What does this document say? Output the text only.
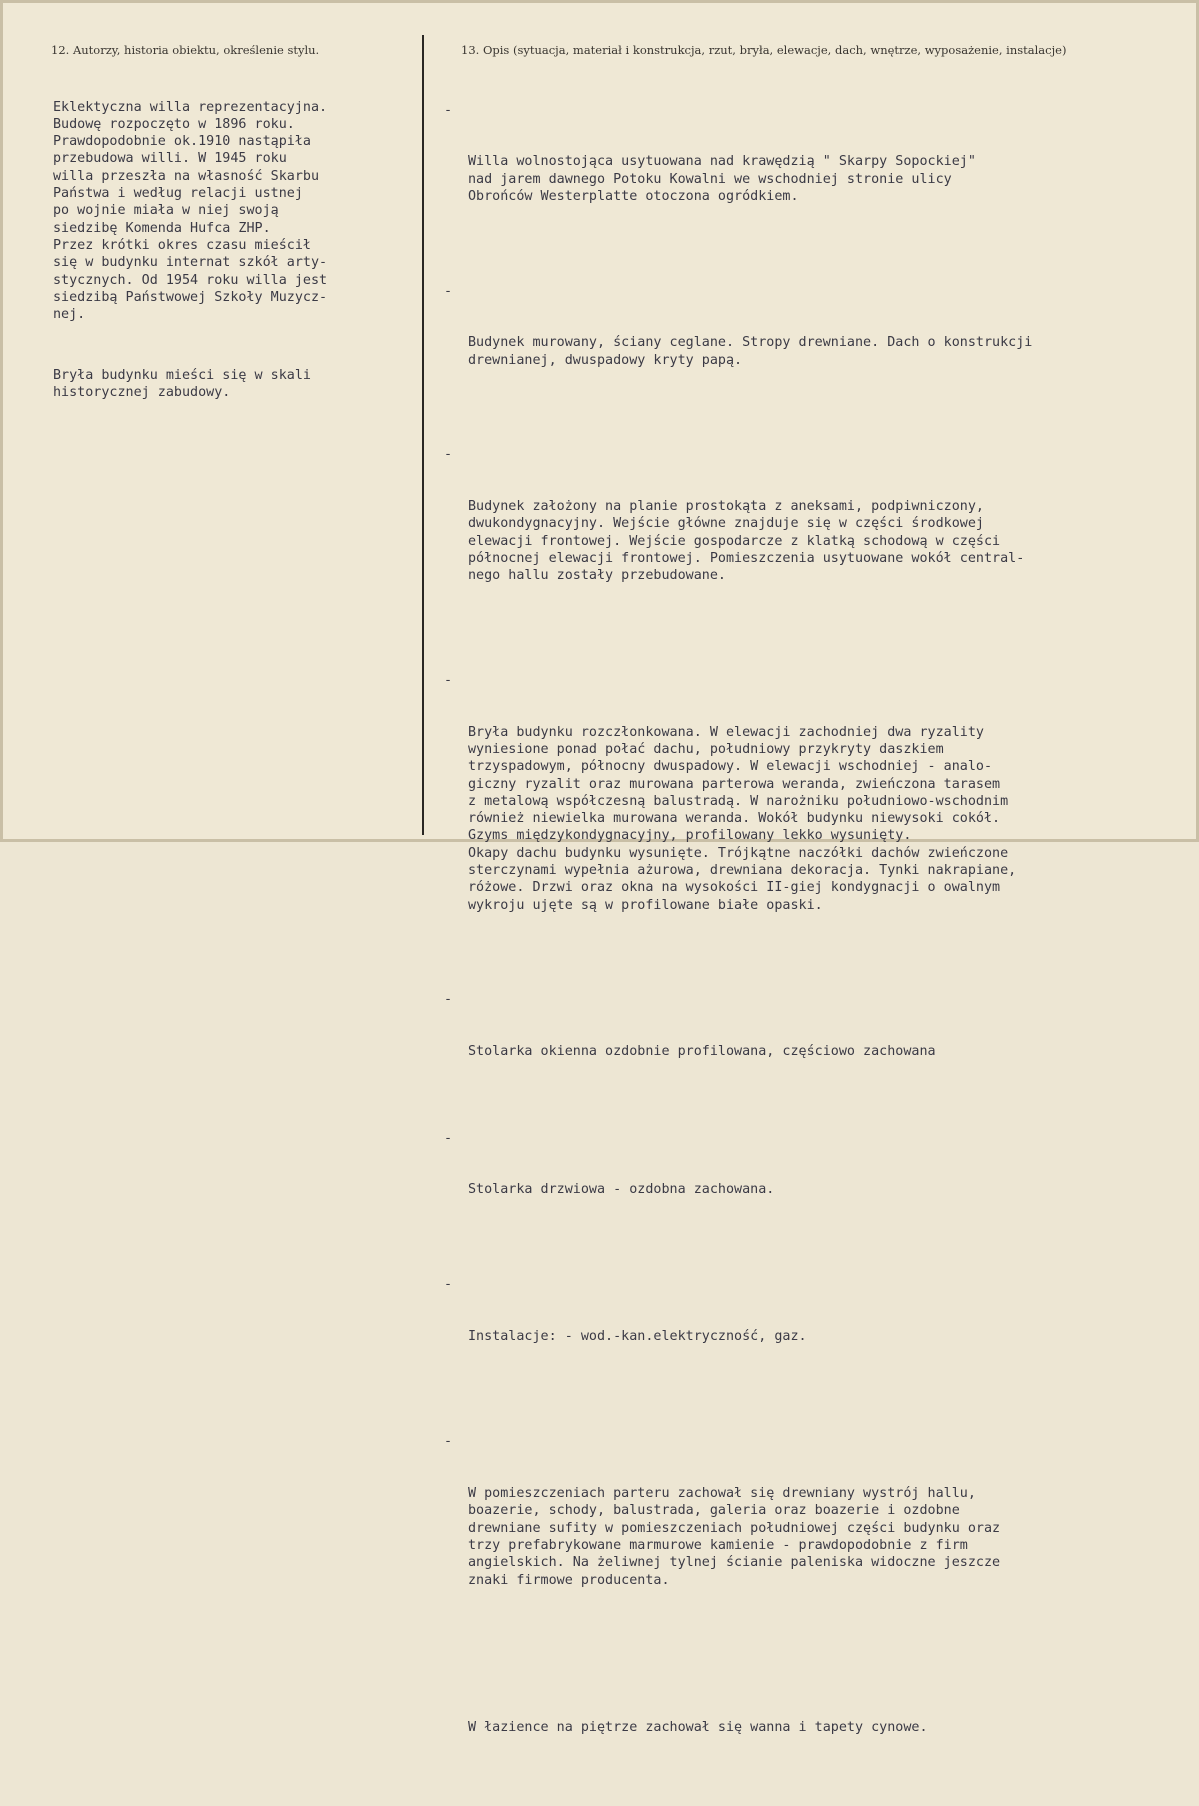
12. Autorzy, historia obiektu, określenie stylu.	13. Opis (sytuacja, materiał i konstrukcja, rzut, bryła, elewacje, dach, wnętrze, wyposażenie, instalacje)

Eklektyczna willa reprezentacyjna.
Budowę rozpoczęto w 1896 roku.
Prawdopodobnie ok.1910 nastąpiła
przebudowa willi. W 1945 roku
willa przeszła na własność Skarbu
Państwa i według relacji ustnej
po wojnie miała w niej swoją
siedzibę Komenda Hufca ZHP.
Przez krótki okres czasu mieścił
się w budynku internat szkół arty-
stycznych. Od 1954 roku willa jest
siedzibą Państwowej Szkoły Muzycz-
nej.

Bryła budynku mieści się w skali
historycznej zabudowy.

-

Willa wolnostojąca usytuowana nad krawędzią " Skarpy Sopockiej"
nad jarem dawnego Potoku Kowalni we wschodniej stronie ulicy
Obrońców Westerplatte otoczona ogródkiem.

-

Budynek murowany, ściany ceglane. Stropy drewniane. Dach o konstrukcji
drewnianej, dwuspadowy kryty papą.

-

Budynek założony na planie prostokąta z aneksami, podpiwniczony,
dwukondygnacyjny. Wejście główne znajduje się w części środkowej
elewacji frontowej. Wejście gospodarcze z klatką schodową w części
północnej elewacji frontowej. Pomieszczenia usytuowane wokół central-
nego hallu zostały przebudowane.

-

Bryła budynku rozczłonkowana. W elewacji zachodniej dwa ryzality
wyniesione ponad połać dachu, południowy przykryty daszkiem
trzyspadowym, północny dwuspadowy. W elewacji wschodniej - analo-
giczny ryzalit oraz murowana parterowa weranda, zwieńczona tarasem
z metalową współczesną balustradą. W narożniku południowo-wschodnim
również niewielka murowana weranda. Wokół budynku niewysoki cokół.
Gzyms międzykondygnacyjny, profilowany lekko wysunięty.
Okapy dachu budynku wysunięte. Trójkątne naczółki dachów zwieńczone
sterczynami wypełnia ażurowa, drewniana dekoracja. Tynki nakrapiane,
różowe. Drzwi oraz okna na wysokości II-giej kondygnacji o owalnym
wykroju ujęte są w profilowane białe opaski.

-

Stolarka okienna ozdobnie profilowana, częściowo zachowana

-

Stolarka drzwiowa - ozdobna zachowana.

-

Instalacje: - wod.-kan.elektryczność, gaz.

-

W pomieszczeniach parteru zachował się drewniany wystrój hallu,
boazerie, schody, balustrada, galeria oraz boazerie i ozdobne
drewniane sufity w pomieszczeniach południowej części budynku oraz
trzy prefabrykowane marmurowe kamienie - prawdopodobnie z firm
angielskich. Na żeliwnej tylnej ścianie paleniska widoczne jeszcze
znaki firmowe producenta.

W łazience na piętrze zachował się wanna i tapety cynowe.
